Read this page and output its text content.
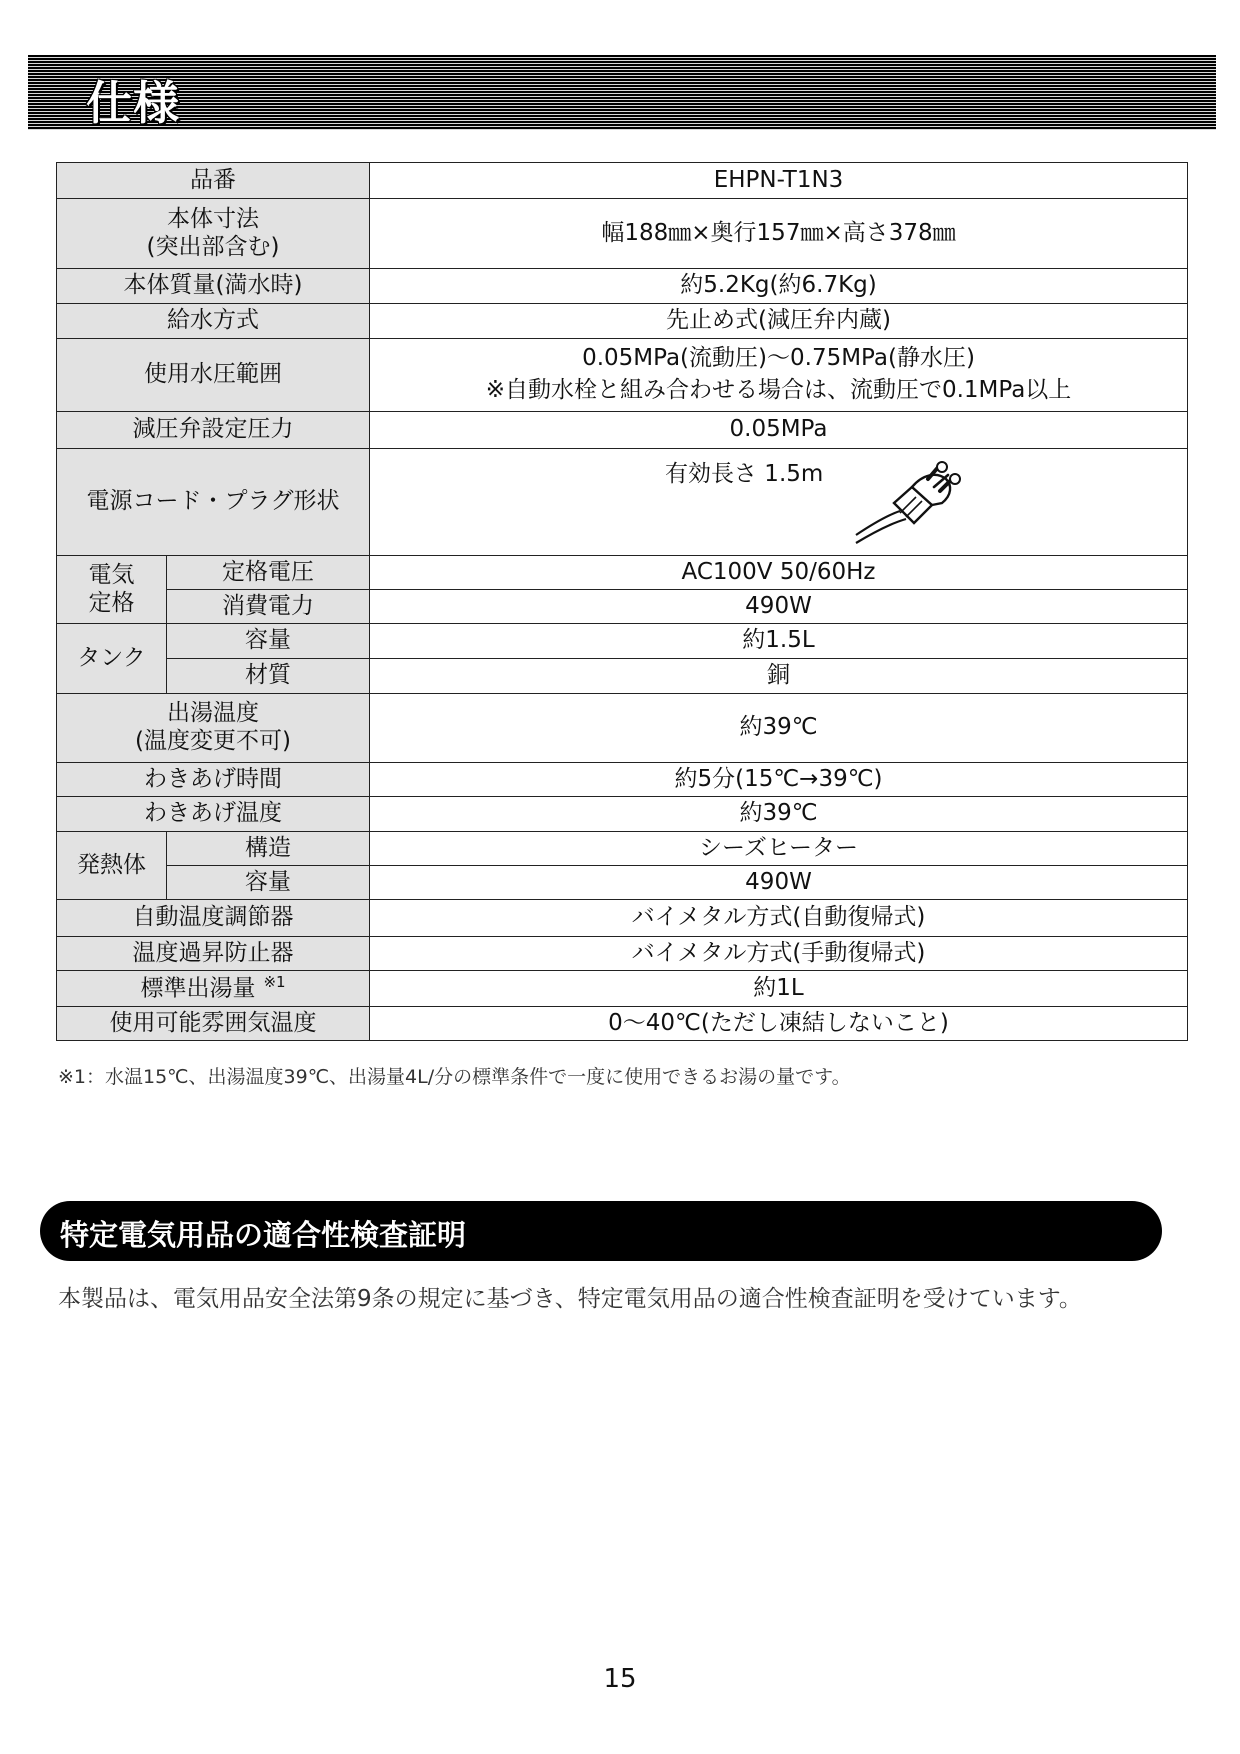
仕様
品番		EHPN-T1N3

本体寸法
(突出部含む)		幅188㎜×奥行157㎜×高さ378㎜
本体質量(満水時)		約5.2Kg(約6.7Kg)
給水方式		先止め式(減圧弁内蔵)
使用水圧範囲		0.05MPa(流動圧)～0.75MPa(静水圧)
※自動水栓と組み合わせる場合は、流動圧で0.1MPa以上

減圧弁設定圧力		0.05MPa
電源コード・プラグ形状		有効長さ 1.5m

電気
定格	定格電圧	AC100V 50/60Hz
	消費電力	490W
タンク	容量	約1.5L
	材質	銅

出湯温度
(温度変更不可)		約39℃
わきあげ時間		約5分(15℃→39℃)
わきあげ温度		約39℃
発熱体	構造	シーズヒーター
	容量	490W
自動温度調節器		バイメタル方式(自動復帰式)
温度過昇防止器		バイメタル方式(手動復帰式)
標準出湯量 $^{※1}$		約1L
使用可能雰囲気温度		0～40℃(ただし凍結しないこと)
※1：水温15℃、出湯温度39℃、出湯量4L/分の標準条件で一度に使用できるお湯の量です。
特定電気用品の適合性検査証明
本製品は、電気用品安全法第9条の規定に基づき、特定電気用品の適合性検査証明を受けています。
15
